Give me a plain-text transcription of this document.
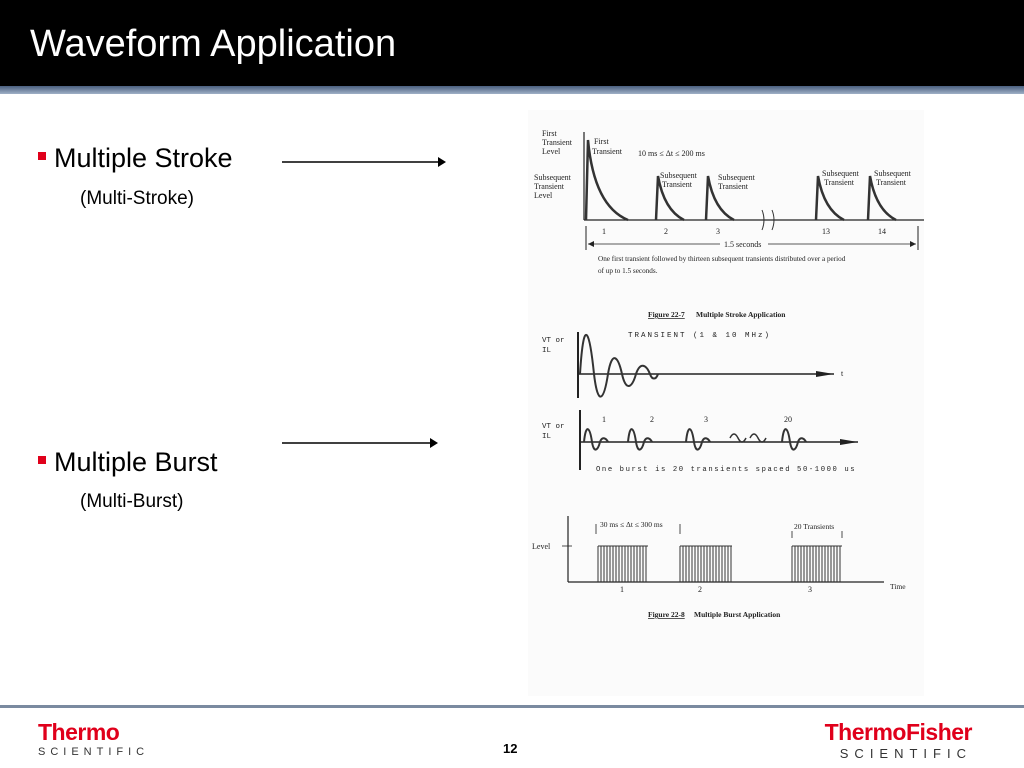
Waveform Application
Multiple Stroke
(Multi-Stroke)
Multiple Burst
(Multi-Burst)
First
Transient
Level
Subsequent
Transient
Level
First
Transient 10 ms ≤ Δt ≤ 200 ms
Subsequent
Transient
Subsequent
Transient
Subsequent
Transient
Subsequent
Transient
1	2	3	13	14
1.5 seconds
One first transient followed by thirteen subsequent transients distributed over a period
of up to 1.5 seconds.
Figure 22-7 Multiple Stroke Application
TRANSIENT (1 & 10 MHz)
VT or
IL
t
1	2	3	20
VT or
IL
One burst is 20 transients spaced 50-1000 us
30 ms ≤ Δt ≤ 300 ms	20 Transients
Level
1	2	3	Time
Figure 22-8 Multiple Burst Application
Thermo
SCIENTIFIC	12
ThermoFisher
SCIENTIFIC
